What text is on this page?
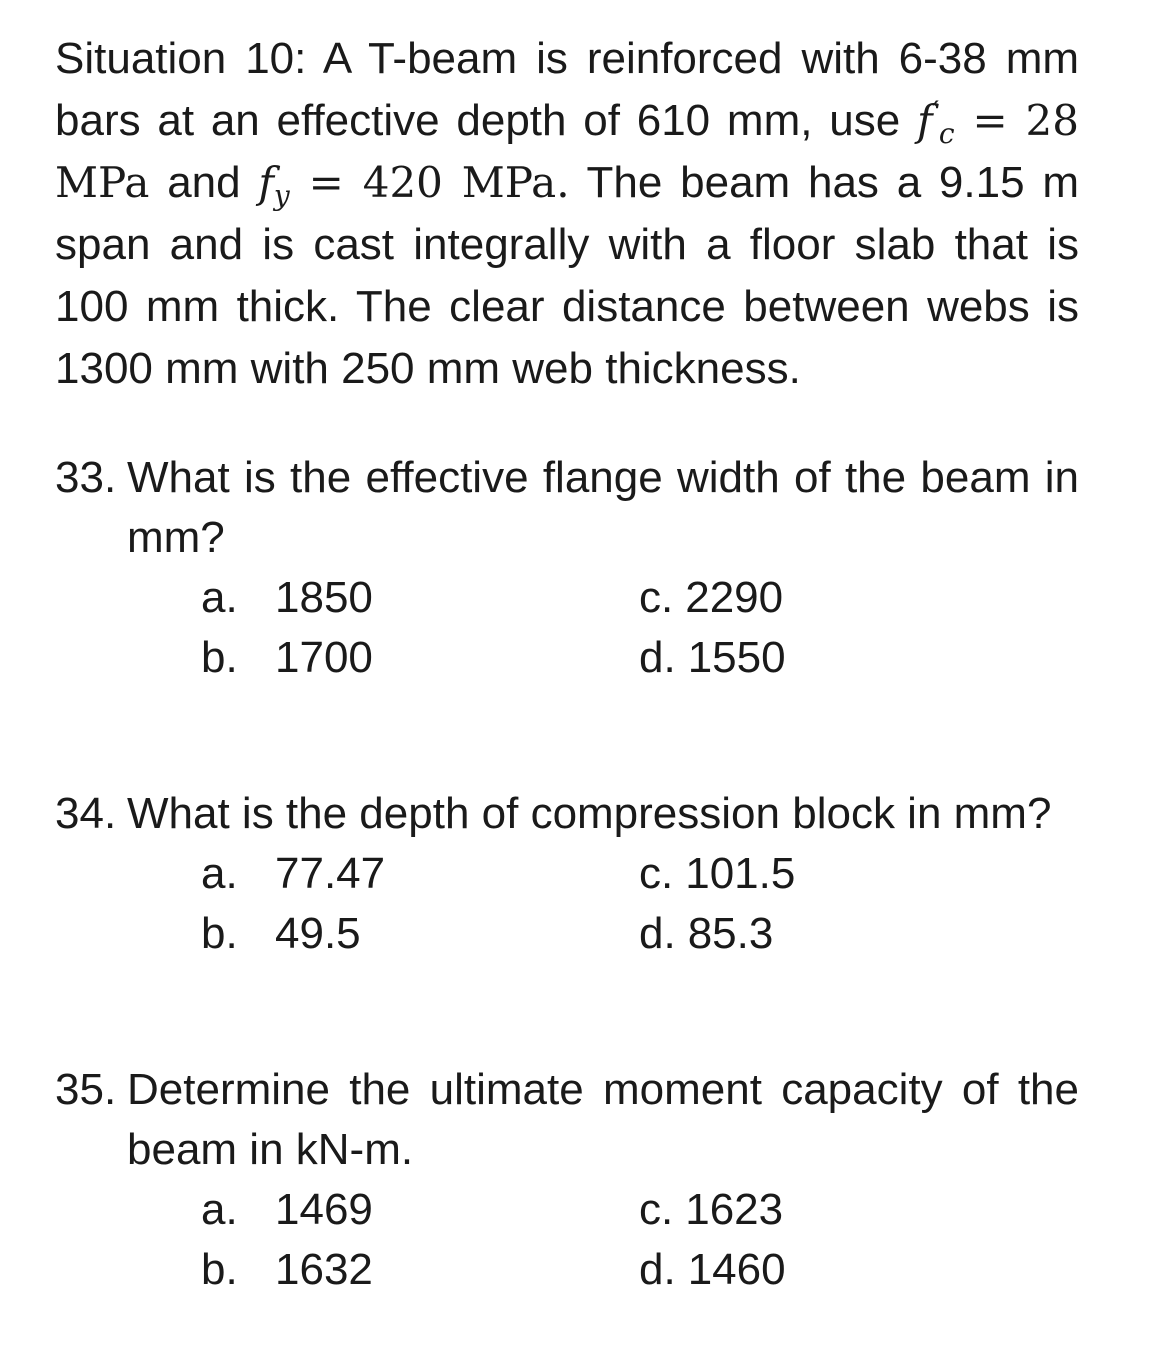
Situation 10: A T-beam is reinforced with 6-38 mm bars at an effective depth of 610 mm, use $f'_c = 28$ MPa and $f_y = 420$ MPa. The beam has a 9.15 m span and is cast integrally with a floor slab that is 100 mm thick. The clear distance between webs is 1300 mm with 250 mm web thickness.

33. What is the effective flange width of the beam in mm?
a. 1850	c. 2290
b. 1700	d. 1550
34. What is the depth of compression block in mm?
a. 77.47	c. 101.5
b. 49.5	d. 85.3
35. Determine the ultimate moment capacity of the beam in kN-m.
a. 1469	c. 1623
b. 1632	d. 1460
